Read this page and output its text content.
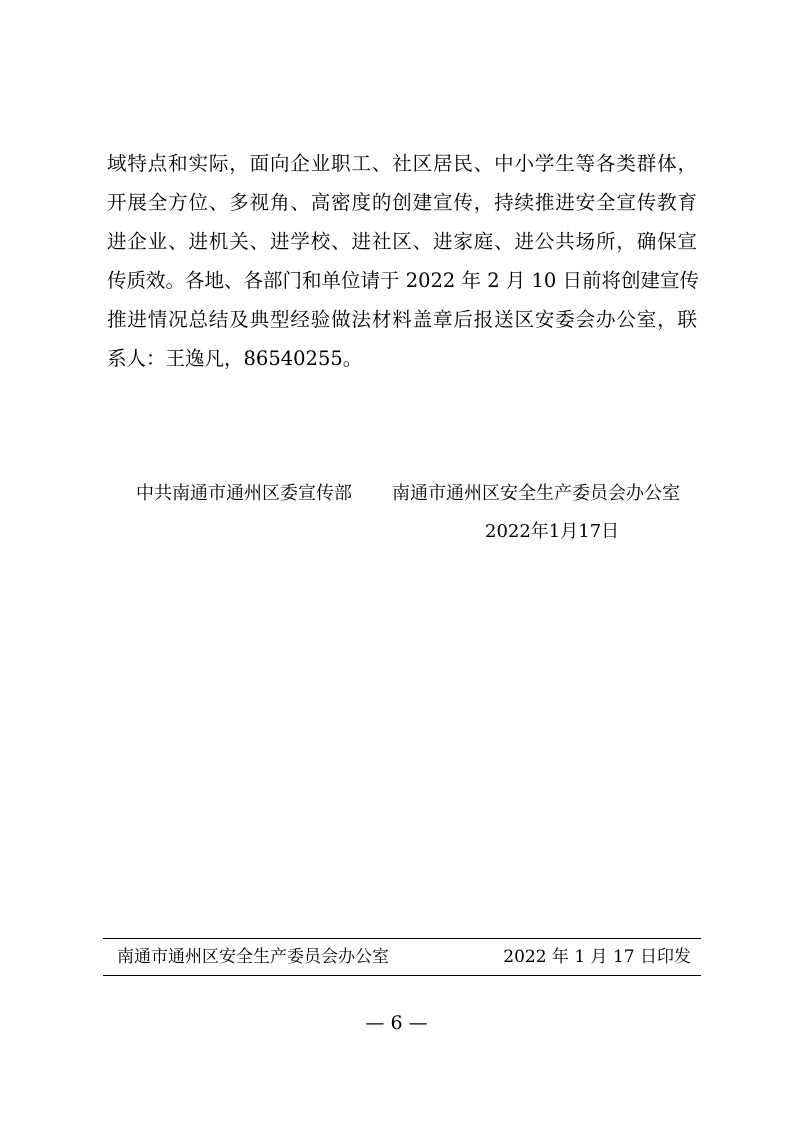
域特点和实际，面向企业职工、社区居民、中小学生等各类群体，
开展全方位、多视角、高密度的创建宣传，持续推进安全宣传教育
进企业、进机关、进学校、进社区、进家庭、进公共场所，确保宣
传质效。各地、各部门和单位请于 2022 年 2 月 10 日前将创建宣传
推进情况总结及典型经验做法材料盖章后报送区安委会办公室，联
系人：王逸凡，86540255。
中共南通市通州区委宣传部 南通市通州区安全生产委员会办公室
2022年1月17日
南通市通州区安全生产委员会办公室	2022 年 1 月 17 日印发
— 6 —
